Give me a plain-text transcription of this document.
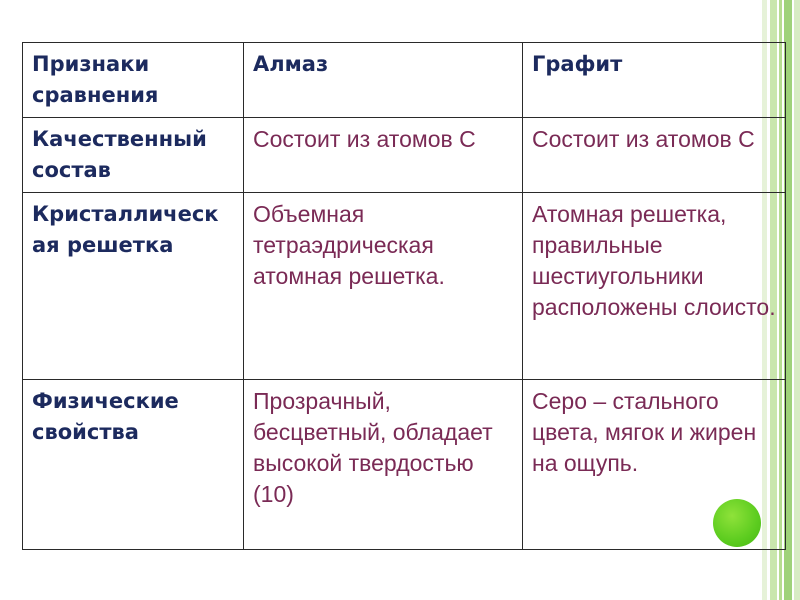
Признаки сравнения	Алмаз	Графит

Качественный состав	Состоит из атомов С	Состоит из атомов С

Кристаллическ
ая решетка	Объемная тетраэдрическая атомная решетка.	Атомная решетка, правильные шестиугольники расположены слоисто.

Физические
свойства	Прозрачный, бесцветный, обладает высокой твердостью (10)	Серо – стального цвета, мягок и жирен на ощупь.
